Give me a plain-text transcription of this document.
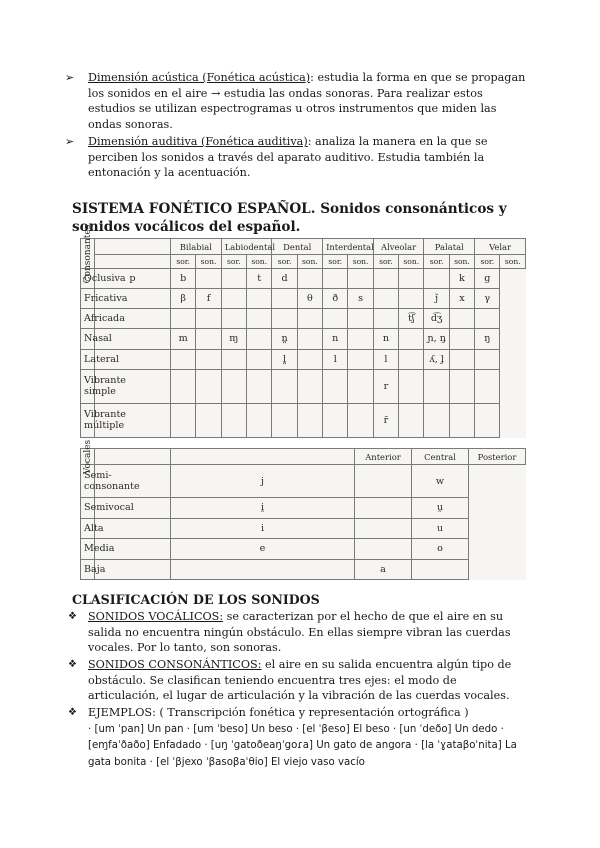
➢ Dimensión acústica (Fonética acústica): estudia la forma en que se propagan los sonidos en el aire → estudia las ondas sonoras. Para realizar estos estudios se utilizan espectrogramas u otros instrumentos que miden las ondas sonoras.
➢ Dimensión auditiva (Fonética auditiva): analiza la manera en la que se perciben los sonidos a través del aparato auditivo. Estudia también la entonación y la acentuación.
SISTEMA FONÉTICO ESPAÑOL. Sonidos consonánticos y sonidos vocálicos del español.
Consonantes		Bilabial		Labiodental		Dental		Interdental		Alveolar		Palatal		Velar	
		sor.	son.	sor.	son.	sor.	son.	sor.	son.	sor.	son.	sor.	son.	sor.	son.
Oclusiva	p	b			t	d							k	g	
Fricativa		β	f				θ	ð	s			ǰ	x	γ	
Africada											t͡ʃ	d͡ʒ			
Nasal		m		ɱ		n̪		n		n		ɲ, n̡		ŋ	
Lateral						l̪		l		l		ʎ, l̡			
Vibrante simple										r					
Vibrante múltiple										r̄					
Vocales			Anterior	Central	Posterior
Semi-consonante		j		w	
Semivocal		i̯		u̯	
Alta		i		u	
Media		e		o	
Baja			a		
CLASIFICACIÓN DE LOS SONIDOS
❖ SONIDOS VOCÁLICOS: se caracterizan por el hecho de que el aire en su salida no encuentra ningún obstáculo. En ellas siempre vibran las cuerdas vocales. Por lo tanto, son sonoras.
❖ SONIDOS CONSONÁNTICOS: el aire en su salida encuentra algún tipo de obstáculo. Se clasifican teniendo encuentra tres ejes: el modo de articulación, el lugar de articulación y la vibración de las cuerdas vocales.
❖ EJEMPLOS: ( Transcripción fonética y representación ortográfica )
· [um ˈpan] Un pan · [um ˈbeso] Un beso · [el ˈβeso] El beso · [un ˈdeðo] Un dedo · [eɱfaˈðaðo] Enfadado · [uŋ ˈgatoðeaŋˈgoɾa] Un gato de angora · [la ˈɣataβoˈnita] La gata bonita · [el ˈβjexo ˈβasoβaˈθio] El viejo vaso vacío
